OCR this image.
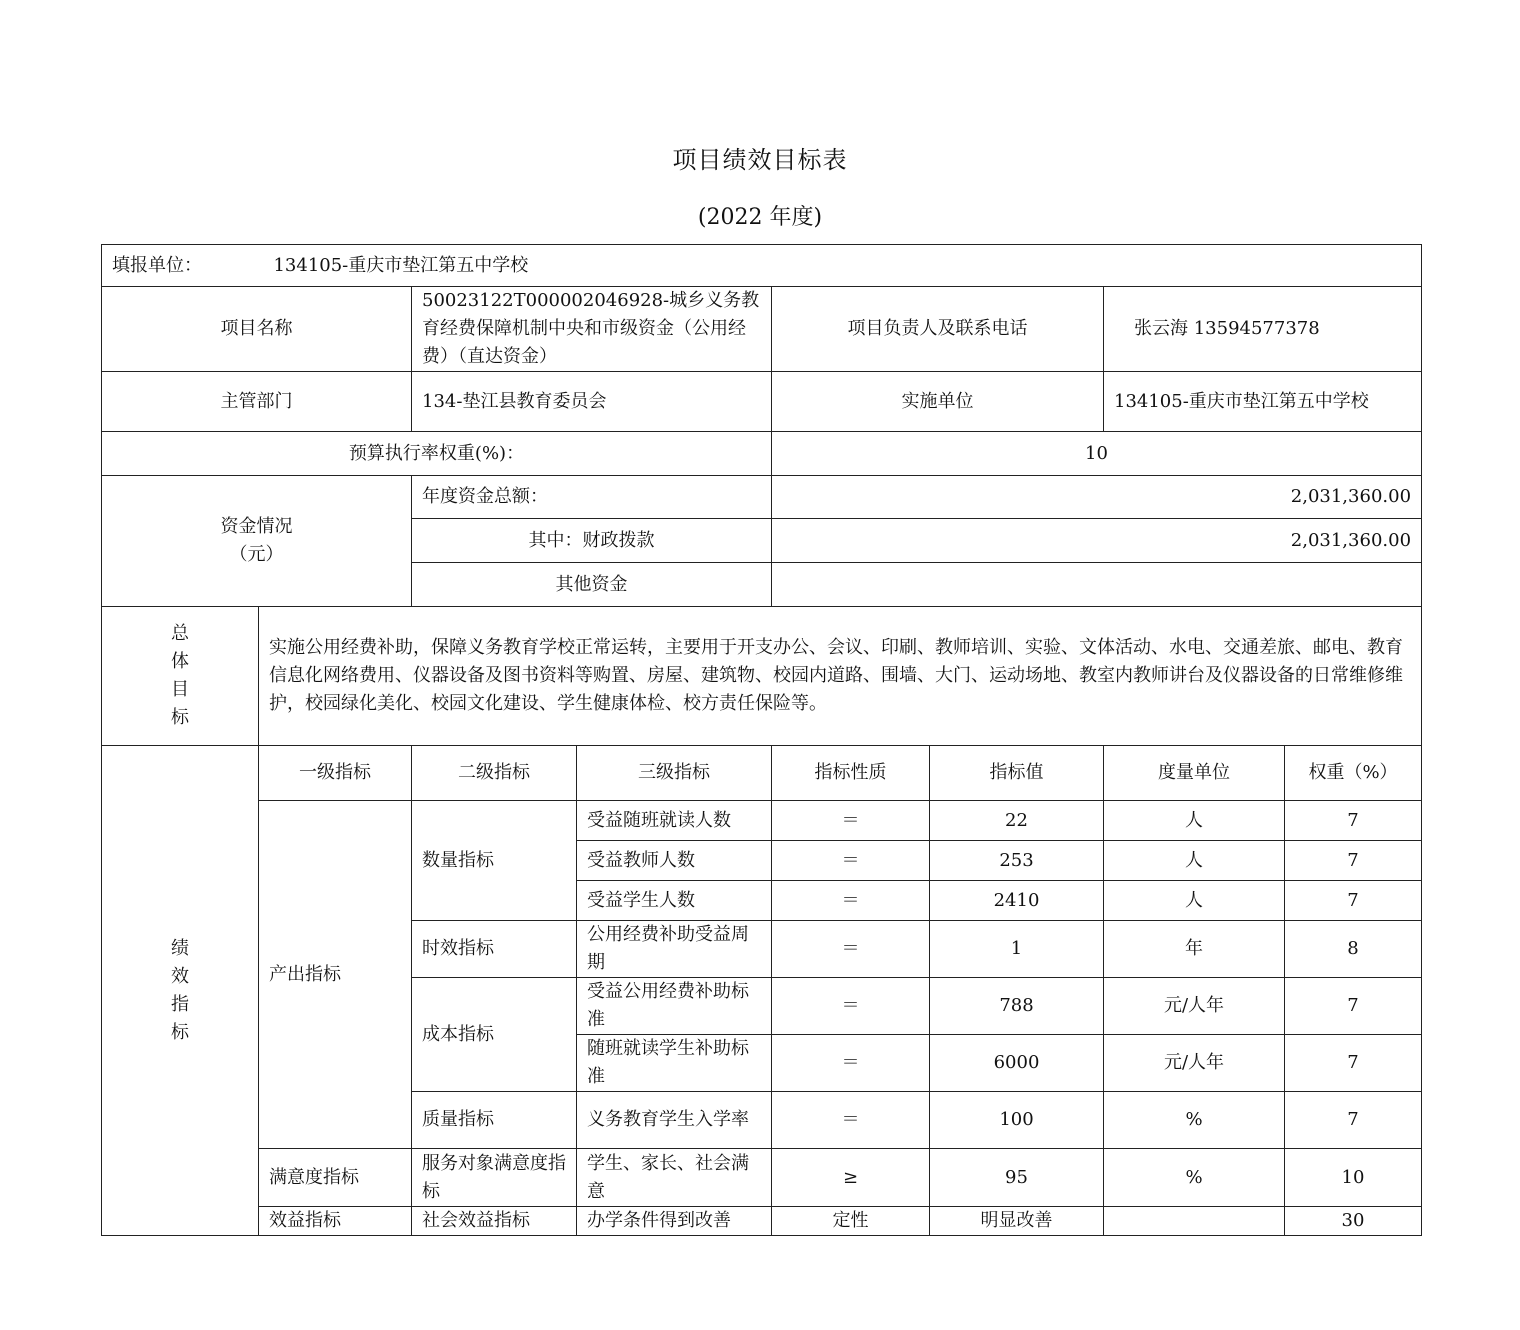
项目绩效目标表
(2022 年度)
填报单位： 134105-重庆市垫江第五中学校							
项目名称		50023122T000002046928-城乡义务教育经费保障机制中央和市级资金（公用经费）（直达资金）		项目负责人及联系电话		张云海 13594577378	
主管部门		134-垫江县教育委员会		实施单位		134105-重庆市垫江第五中学校	
预算执行率权重(%)：				10			
资金情况
（元）		年度资金总额：		2,031,360.00			
		其中：财政拨款		2,031,360.00			
		其他资金					

总
体
目
标	实施公用经费补助，保障义务教育学校正常运转，主要用于开支办公、会议、印刷、教师培训、实验、文体活动、水电、交通差旅、邮电、教育信息化网络费用、仪器设备及图书资料等购置、房屋、建筑物、校园内道路、围墙、大门、运动场地、教室内教师讲台及仪器设备的日常维修维护，校园绿化美化、校园文化建设、学生健康体检、校方责任保险等。						

绩
效
指
标	一级指标	二级指标	三级指标	指标性质	指标值	度量单位	权重（%）
	产出指标	数量指标	受益随班就读人数	＝	22	人	7
			受益教师人数	＝	253	人	7
			受益学生人数	＝	2410	人	7
		时效指标	公用经费补助受益周期	＝	1	年	8
		成本指标	受益公用经费补助标准	＝	788	元/人年	7
			随班就读学生补助标准	＝	6000	元/人年	7
		质量指标	义务教育学生入学率	＝	100	%	7
	满意度指标	服务对象满意度指标	学生、家长、社会满意	≥	95	%	10
	效益指标	社会效益指标	办学条件得到改善	定性	明显改善		30
